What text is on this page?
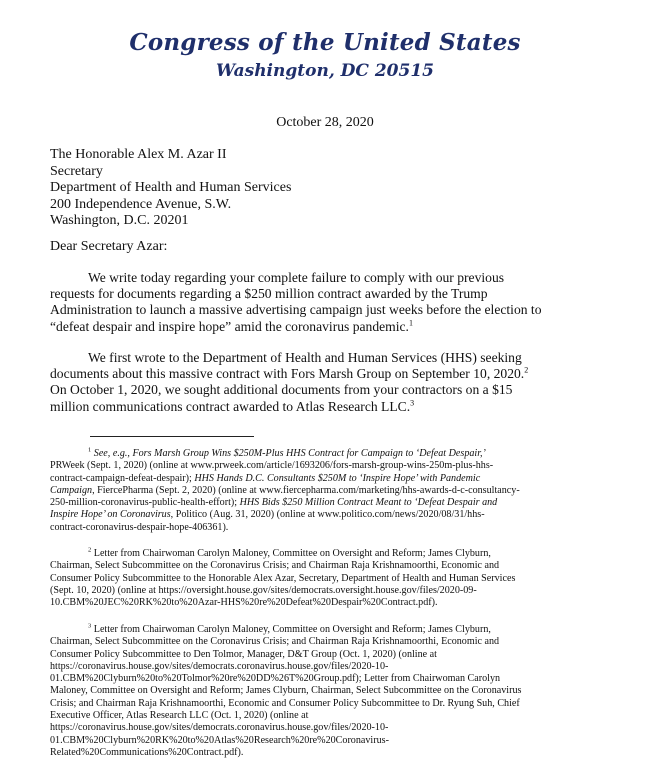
Congress of the United States
Washington, DC 20515
October 28, 2020
The Honorable Alex M. Azar II
Secretary
Department of Health and Human Services
200 Independence Avenue, S.W.
Washington, D.C. 20201
Dear Secretary Azar:
We write today regarding your complete failure to comply with our previous
requests for documents regarding a $250 million contract awarded by the Trump
Administration to launch a massive advertising campaign just weeks before the election to
“defeat despair and inspire hope” amid the coronavirus pandemic.$^1$
We first wrote to the Department of Health and Human Services (HHS) seeking
documents about this massive contract with Fors Marsh Group on September 10, 2020.$^2$
On October 1, 2020, we sought additional documents from your contractors on a $15
million communications contract awarded to Atlas Research LLC.$^3$
$^1$ See, e.g., Fors Marsh Group Wins $250M-Plus HHS Contract for Campaign to ‘Defeat Despair,’
PRWeek (Sept. 1, 2020) (online at www.prweek.com/article/1693206/fors-marsh-group-wins-250m-plus-hhs-
contract-campaign-defeat-despair); HHS Hands D.C. Consultants $250M to ‘Inspire Hope’ with Pandemic
Campaign, FiercePharma (Sept. 2, 2020) (online at www.fiercepharma.com/marketing/hhs-awards-d-c-consultancy-
250-million-coronavirus-public-health-effort); HHS Bids $250 Million Contract Meant to ‘Defeat Despair and
Inspire Hope’ on Coronavirus, Politico (Aug. 31, 2020) (online at www.politico.com/news/2020/08/31/hhs-
contract-coronavirus-despair-hope-406361).
$^2$ Letter from Chairwoman Carolyn Maloney, Committee on Oversight and Reform; James Clyburn,
Chairman, Select Subcommittee on the Coronavirus Crisis; and Chairman Raja Krishnamoorthi, Economic and
Consumer Policy Subcommittee to the Honorable Alex Azar, Secretary, Department of Health and Human Services
(Sept. 10, 2020) (online at https://oversight.house.gov/sites/democrats.oversight.house.gov/files/2020-09-
10.CBM%20JEC%20RK%20to%20Azar-HHS%20re%20Defeat%20Despair%20Contract.pdf).
$^3$ Letter from Chairwoman Carolyn Maloney, Committee on Oversight and Reform; James Clyburn,
Chairman, Select Subcommittee on the Coronavirus Crisis; and Chairman Raja Krishnamoorthi, Economic and
Consumer Policy Subcommittee to Den Tolmor, Manager, D&T Group (Oct. 1, 2020) (online at
https://coronavirus.house.gov/sites/democrats.coronavirus.house.gov/files/2020-10-
01.CBM%20Clyburn%20to%20Tolmor%20re%20DD%26T%20Group.pdf); Letter from Chairwoman Carolyn
Maloney, Committee on Oversight and Reform; James Clyburn, Chairman, Select Subcommittee on the Coronavirus
Crisis; and Chairman Raja Krishnamoorthi, Economic and Consumer Policy Subcommittee to Dr. Ryung Suh, Chief
Executive Officer, Atlas Research LLC (Oct. 1, 2020) (online at
https://coronavirus.house.gov/sites/democrats.coronavirus.house.gov/files/2020-10-
01.CBM%20Clyburn%20RK%20to%20Atlas%20Research%20re%20Coronavirus-
Related%20Communications%20Contract.pdf).
